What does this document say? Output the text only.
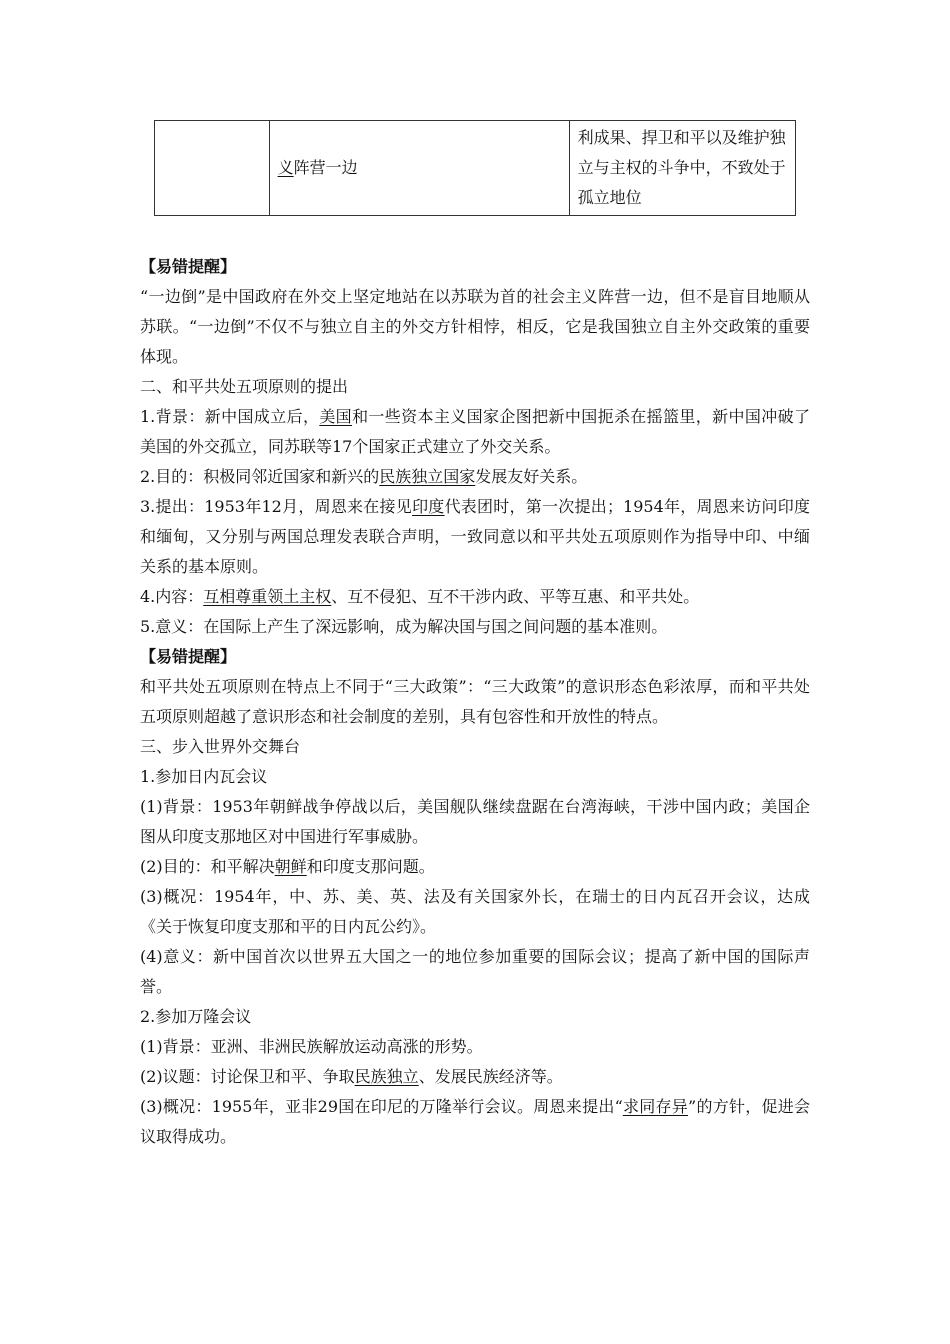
	义阵营一边	利成果、捍卫和平以及维护独立与主权的斗争中，不致处于孤立地位

【易错提醒】

“一边倒”是中国政府在外交上坚定地站在以苏联为首的社会主义阵营一边，但不是盲目地顺从苏联。“一边倒”不仅不与独立自主的外交方针相悖，相反，它是我国独立自主外交政策的重要体现。

二、和平共处五项原则的提出

1.背景：新中国成立后，美国和一些资本主义国家企图把新中国扼杀在摇篮里，新中国冲破了美国的外交孤立，同苏联等17个国家正式建立了外交关系。

2.目的：积极同邻近国家和新兴的民族独立国家发展友好关系。

3.提出：1953年12月，周恩来在接见印度代表团时，第一次提出；1954年，周恩来访问印度和缅甸，又分别与两国总理发表联合声明，一致同意以和平共处五项原则作为指导中印、中缅关系的基本原则。

4.内容：互相尊重领土主权、互不侵犯、互不干涉内政、平等互惠、和平共处。

5.意义：在国际上产生了深远影响，成为解决国与国之间问题的基本准则。

【易错提醒】

和平共处五项原则在特点上不同于“三大政策”：“三大政策”的意识形态色彩浓厚，而和平共处五项原则超越了意识形态和社会制度的差别，具有包容性和开放性的特点。

三、步入世界外交舞台

1.参加日内瓦会议

(1)背景：1953年朝鲜战争停战以后，美国舰队继续盘踞在台湾海峡，干涉中国内政；美国企图从印度支那地区对中国进行军事威胁。

(2)目的：和平解决朝鲜和印度支那问题。

(3)概况：1954年，中、苏、美、英、法及有关国家外长，在瑞士的日内瓦召开会议，达成《关于恢复印度支那和平的日内瓦公约》。

(4)意义：新中国首次以世界五大国之一的地位参加重要的国际会议；提高了新中国的国际声誉。

2.参加万隆会议

(1)背景：亚洲、非洲民族解放运动高涨的形势。

(2)议题：讨论保卫和平、争取民族独立、发展民族经济等。

(3)概况：1955年，亚非29国在印尼的万隆举行会议。周恩来提出“求同存异”的方针，促进会议取得成功。
